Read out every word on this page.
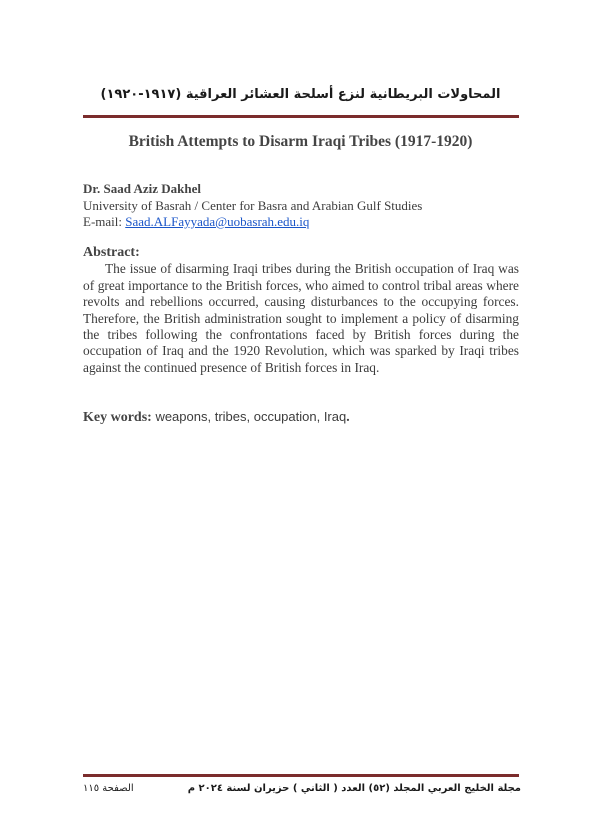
المحاولات البريطانية لنزع أسلحة العشائر العراقية (١٩١٧-١٩٢٠)
British Attempts to Disarm Iraqi Tribes (1917-1920)
Dr. Saad Aziz Dakhel
University of Basrah / Center for Basra and Arabian Gulf Studies
E-mail: Saad.ALFayyada@uobasrah.edu.iq
Abstract:

The issue of disarming Iraqi tribes during the British occupation of Iraq was of great importance to the British forces, who aimed to control tribal areas where revolts and rebellions occurred, causing disturbances to the occupying forces. Therefore, the British administration sought to implement a policy of disarming the tribes following the confrontations faced by British forces during the occupation of Iraq and the 1920 Revolution, which was sparked by Iraqi tribes against the continued presence of British forces in Iraq.

Key words: weapons, tribes, occupation, Iraq.
مجلة الخليج العربي المجلد (٥٢) العدد ( الثاني ) حزيران لسنة ٢٠٢٤ م
الصفحة ١١٥
